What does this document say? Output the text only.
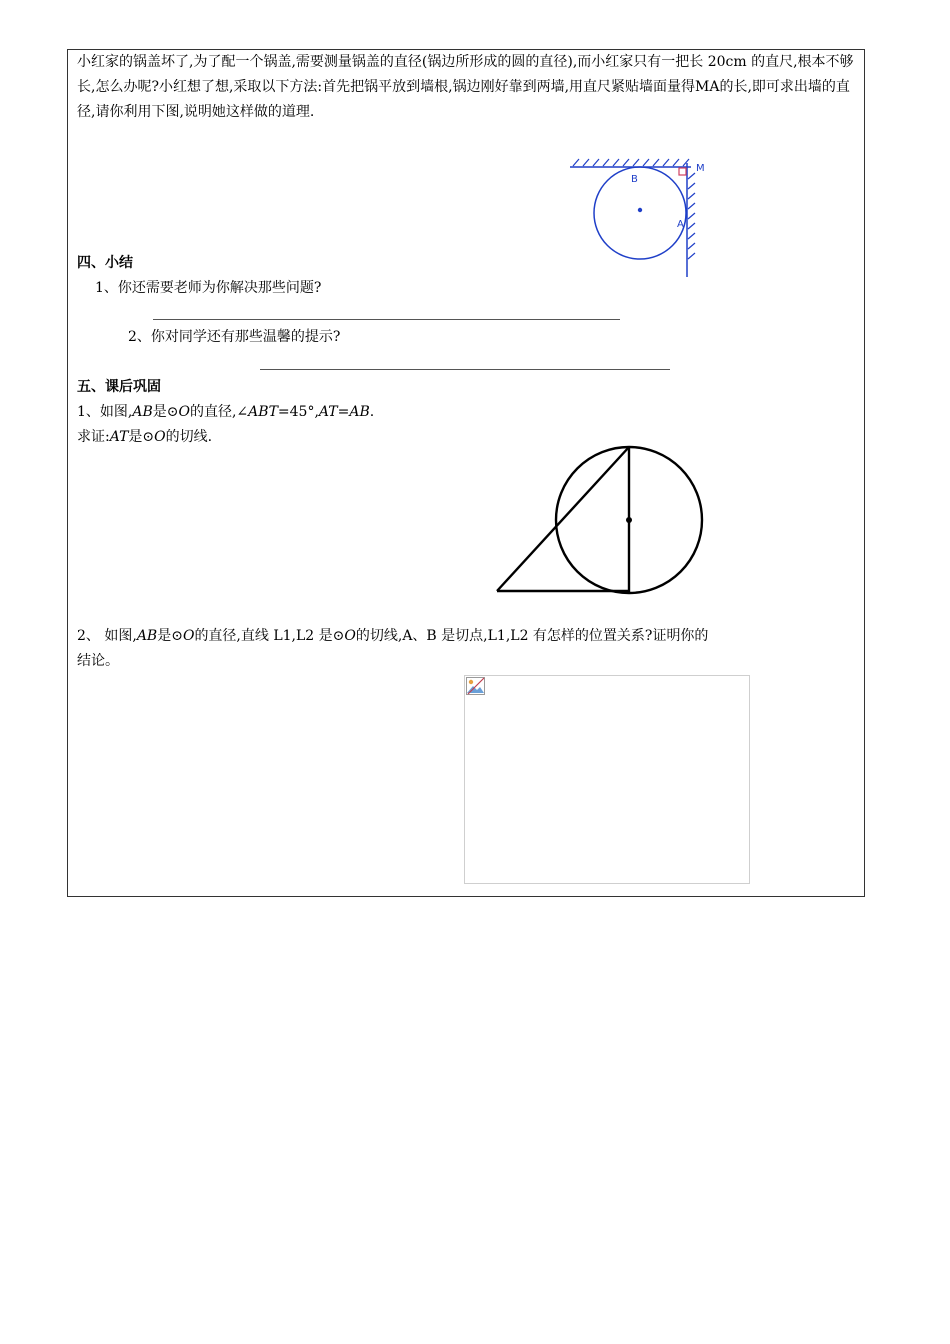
小红家的锅盖坏了,为了配一个锅盖,需要测量锅盖的直径(锅边所形成的圆的直径),而小红家只有一把长 20cm 的直尺,根本不够长,怎么办呢?小红想了想,采取以下方法:首先把锅平放到墙根,锅边刚好靠到两墙,用直尺紧贴墙面量得MA的长,即可求出墙的直径,请你利用下图,说明她这样做的道理.
B
A
M
四、小结
1、你还需要老师为你解决那些问题?
2、你对同学还有那些温馨的提示?
五、课后巩固
1、如图,AB是⊙O的直径,∠ABT=45°,AT=AB.
求证:AT是⊙O的切线.
2、 如图,AB是⊙O的直径,直线 L1,L2 是⊙O的切线,A、B 是切点,L1,L2 有怎样的位置关系?证明你的
结论。
